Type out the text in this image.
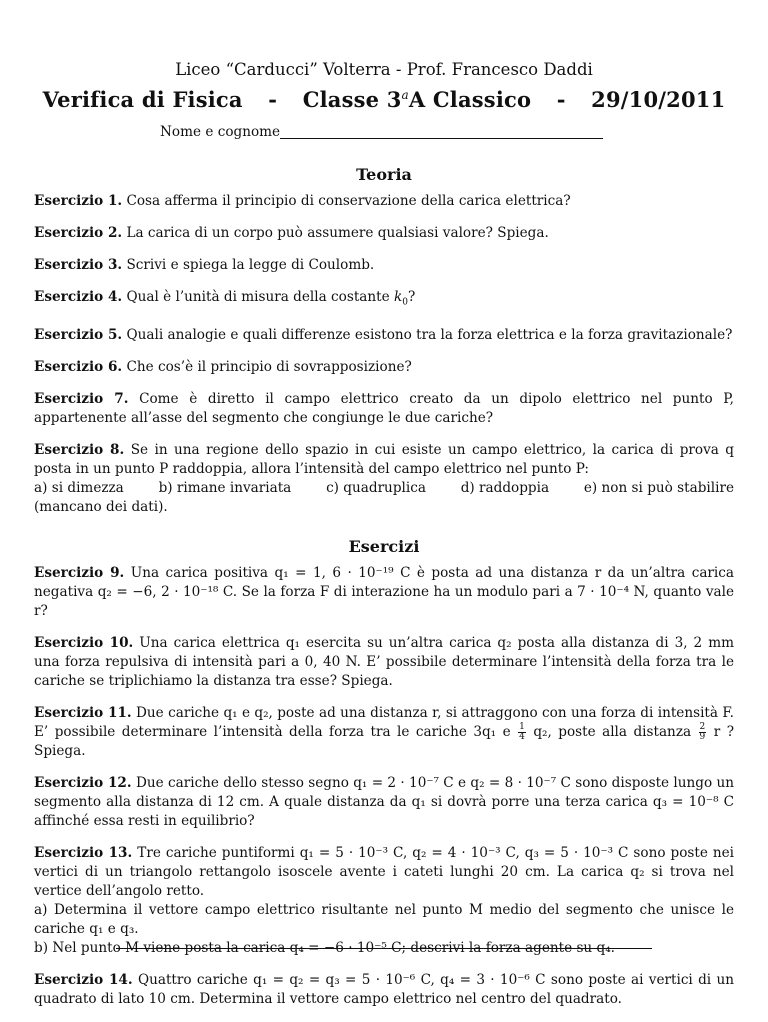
Liceo “Carducci” Volterra - Prof. Francesco Daddi
Verifica di Fisica - Classe 3$^a$A Classico - 29/10/2011
Nome e cognome
Teoria

Esercizio 1. Cosa afferma il principio di conservazione della carica elettrica?

Esercizio 2. La carica di un corpo può assumere qualsiasi valore? Spiega.

Esercizio 3. Scrivi e spiega la legge di Coulomb.

Esercizio 4. Qual è l’unità di misura della costante $k_0$?

Esercizio 5. Quali analogie e quali differenze esistono tra la forza elettrica e la forza gravitazionale?

Esercizio 6. Che cos’è il principio di sovrapposizione?

Esercizio 7. Come è diretto il campo elettrico creato da un dipolo elettrico nel punto P, appartenente all’asse del segmento che congiunge le due cariche?

Esercizio 8. Se in una regione dello spazio in cui esiste un campo elettrico, la carica di prova q posta in un punto P raddoppia, allora l’intensità del campo elettrico nel punto P:
a) si dimezza	b) rimane invariata	c) quadruplica	d) raddoppia	e) non si può stabilire
(mancano dei dati).
Esercizi

Esercizio 9. Una carica positiva q₁ = 1, 6 · 10⁻¹⁹ C è posta ad una distanza r da un’altra carica negativa q₂ = −6, 2 · 10⁻¹⁸ C. Se la forza F di interazione ha un modulo pari a 7 · 10⁻⁴ N, quanto vale r?

Esercizio 10. Una carica elettrica q₁ esercita su un’altra carica q₂ posta alla distanza di 3, 2 mm una forza repulsiva di intensità pari a 0, 40 N. E’ possibile determinare l’intensità della forza tra le cariche se triplichiamo la distanza tra esse? Spiega.

Esercizio 11. Due cariche q₁ e q₂, poste ad una distanza r, si attraggono con una forza di intensità F. E’ possibile determinare l’intensità della forza tra le cariche 3q₁ e $\frac{1}{4} q_2$, poste alla distanza $\frac{2}{9}$ r ? Spiega.

Esercizio 12. Due cariche dello stesso segno q₁ = 2 · 10⁻⁷ C e q₂ = 8 · 10⁻⁷ C sono disposte lungo un segmento alla distanza di 12 cm. A quale distanza da q₁ si dovrà porre una terza carica q₃ = 10⁻⁸ C affinché essa resti in equilibrio?

Esercizio 13. Tre cariche puntiformi q₁ = 5 · 10⁻³ C, q₂ = 4 · 10⁻³ C, q₃ = 5 · 10⁻³ C sono poste nei vertici di un triangolo rettangolo isoscele avente i cateti lunghi 20 cm. La carica q₂ si trova nel vertice dell’angolo retto.
a) Determina il vettore campo elettrico risultante nel punto M medio del segmento che unisce le cariche q₁ e q₃.
b) Nel punto M viene posta la carica q₄ = −6 · 10⁻⁵ C; descrivi la forza agente su q₄.

Esercizio 14. Quattro cariche q₁ = q₂ = q₃ = 5 · 10⁻⁶ C, q₄ = 3 · 10⁻⁶ C sono poste ai vertici di un quadrato di lato 10 cm. Determina il vettore campo elettrico nel centro del quadrato.
